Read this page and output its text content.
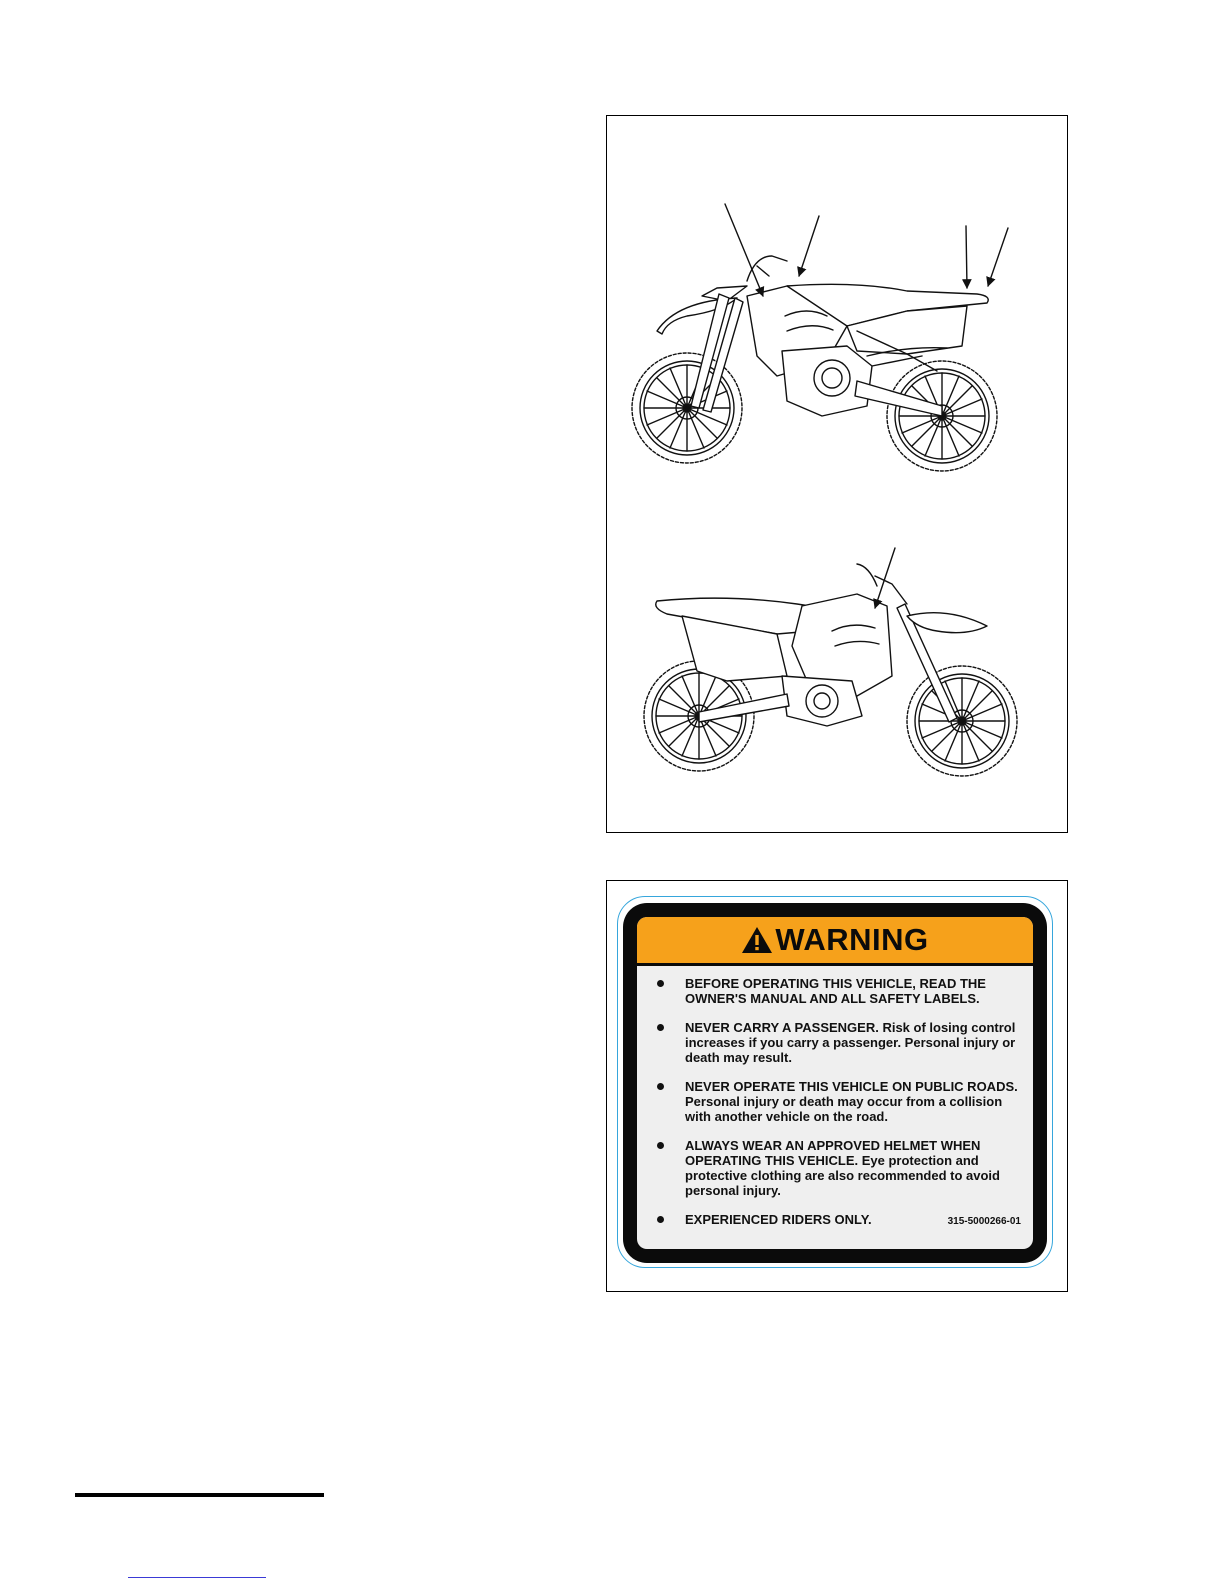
WARNING
BEFORE OPERATING THIS VEHICLE, READ THE OWNER'S MANUAL AND ALL SAFETY LABELS.
NEVER CARRY A PASSENGER. Risk of losing control increases if you carry a passenger. Personal injury or death may result.
NEVER OPERATE THIS VEHICLE ON PUBLIC ROADS. Personal injury or death may occur from a collision with another vehicle on the road.
ALWAYS WEAR AN APPROVED HELMET WHEN OPERATING THIS VEHICLE. Eye protection and protective clothing are also recommended to avoid personal injury.
EXPERIENCED RIDERS ONLY.	315-5000266-01
